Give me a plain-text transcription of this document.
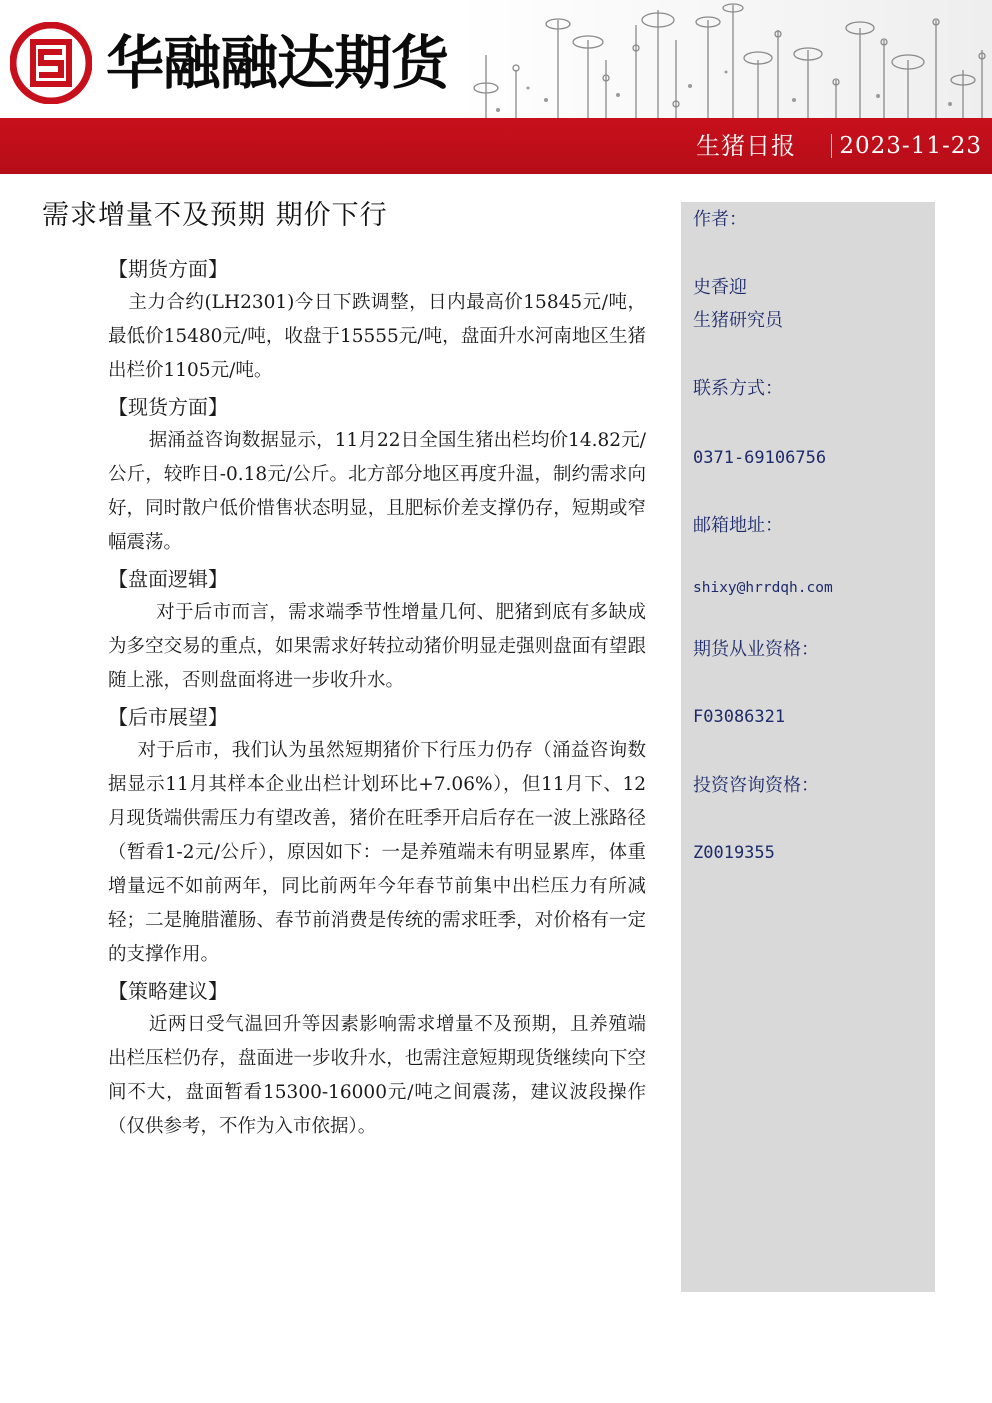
华融融达期货
生猪日报 2023-11-23
需求增量不及预期 期价下行

【期货方面】

主力合约(LH2301)今日下跌调整，日内最高价15845元/吨，最低价15480元/吨，收盘于15555元/吨，盘面升水河南地区生猪出栏价1105元/吨。

【现货方面】

据涌益咨询数据显示，11月22日全国生猪出栏均价14.82元/公斤，较昨日-0.18元/公斤。北方部分地区再度升温，制约需求向好，同时散户低价惜售状态明显，且肥标价差支撑仍存，短期或窄幅震荡。

【盘面逻辑】

对于后市而言，需求端季节性增量几何、肥猪到底有多缺成为多空交易的重点，如果需求好转拉动猪价明显走强则盘面有望跟随上涨，否则盘面将进一步收升水。

【后市展望】

对于后市，我们认为虽然短期猪价下行压力仍存（涌益咨询数据显示11月其样本企业出栏计划环比+7.06%），但11月下、12月现货端供需压力有望改善，猪价在旺季开启后存在一波上涨路径（暂看1-2元/公斤），原因如下：一是养殖端未有明显累库，体重增量远不如前两年，同比前两年今年春节前集中出栏压力有所减轻；二是腌腊灌肠、春节前消费是传统的需求旺季，对价格有一定的支撑作用。

【策略建议】

近两日受气温回升等因素影响需求增量不及预期，且养殖端出栏压栏仍存，盘面进一步收升水，也需注意短期现货继续向下空间不大，盘面暂看15300-16000元/吨之间震荡，建议波段操作（仅供参考，不作为入市依据）。

作者：
史香迎
生猪研究员
联系方式：
0371-69106756
邮箱地址：
shixy@hrrdqh.com
期货从业资格：
F03086321
投资咨询资格：
Z0019355
